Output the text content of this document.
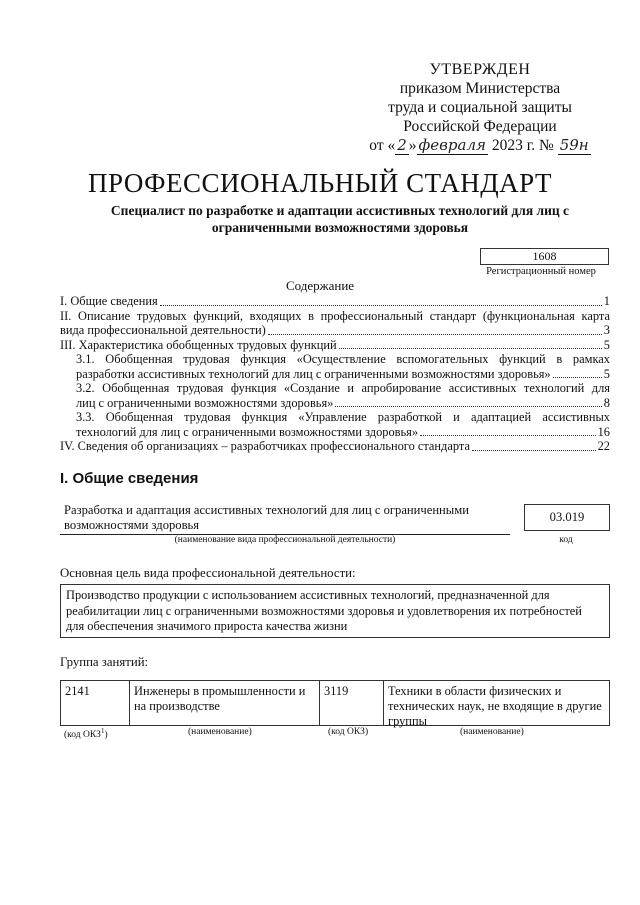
УТВЕРЖДЕН
приказом Министерства
труда и социальной защиты
Российской Федерации
от « 2 » февраля 2023 г. № 59н
ПРОФЕССИОНАЛЬНЫЙ СТАНДАРТ
Специалист по разработке и адаптации ассистивных технологий для лиц с ограниченными возможностями здоровья
1608
Регистрационный номер
Содержание
I. Общие сведения	1
II. Описание трудовых функций, входящих в профессиональный стандарт (функциональная карта
вида профессиональной деятельности)	3
III. Характеристика обобщенных трудовых функций	5
3.1. Обобщенная трудовая функция «Осуществление вспомогательных функций в рамках
разработки ассистивных технологий для лиц с ограниченными возможностями здоровья»	5
3.2. Обобщенная трудовая функция «Создание и апробирование ассистивных технологий для
лиц с ограниченными возможностями здоровья»	8
3.3. Обобщенная трудовая функция «Управление разработкой и адаптацией ассистивных
технологий для лиц с ограниченными возможностями здоровья»	16
IV. Сведения об организациях – разработчиках профессионального стандарта	22
I. Общие сведения
Разработка и адаптация ассистивных технологий для лиц с ограниченными возможностями здоровья
(наименование вида профессиональной деятельности)
03.019
код
Основная цель вида профессиональной деятельности:
Производство продукции с использованием ассистивных технологий, предназначенной для реабилитации лиц с ограниченными возможностями здоровья и удовлетворения их потребностей для обеспечения значимого прироста качества жизни
Группа занятий:
2141	Инженеры в промышленности и на производстве
3119	Техники в области физических и технических наук, не входящие в другие группы
(код ОКЗ$^1$)	(наименование)	(код ОКЗ)	(наименование)
